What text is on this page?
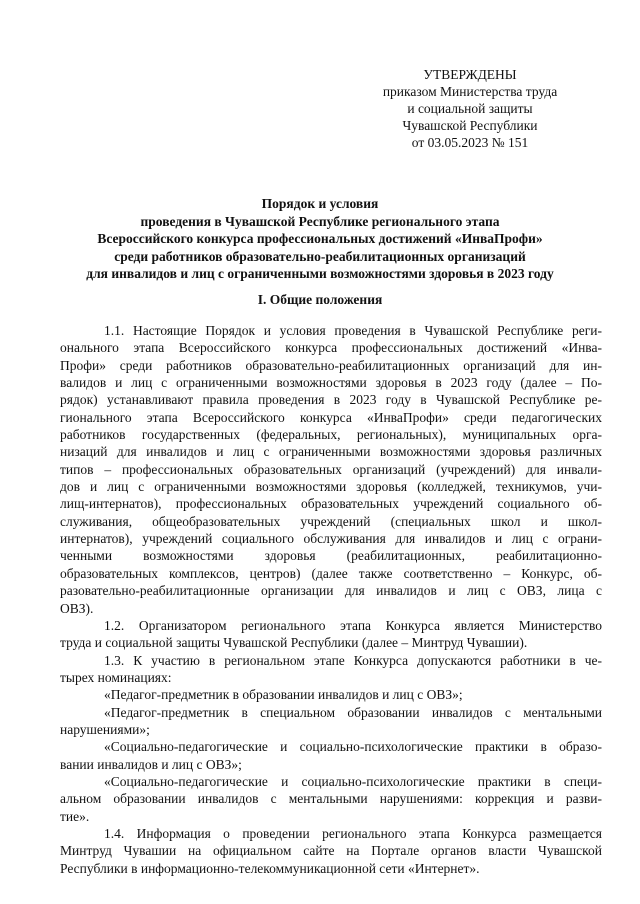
УТВЕРЖДЕНЫ
приказом Министерства труда
и социальной защиты
Чувашской Республики
от 03.05.2023 № 151
Порядок и условия
проведения в Чувашской Республике регионального этапа
Всероссийского конкурса профессиональных достижений «ИнваПрофи»
среди работников образовательно-реабилитационных организаций
для инвалидов и лиц с ограниченными возможностями здоровья в 2023 году
I. Общие положения
1.1. Настоящие Порядок и условия проведения в Чувашской Республике реги-
онального этапа Всероссийского конкурса профессиональных достижений «Инва-
Профи» среди работников образовательно-реабилитационных организаций для ин-
валидов и лиц с ограниченными возможностями здоровья в 2023 году (далее – По-
рядок) устанавливают правила проведения в 2023 году в Чувашской Республике ре-
гионального этапа Всероссийского конкурса «ИнваПрофи» среди педагогических
работников государственных (федеральных, региональных), муниципальных орга-
низаций для инвалидов и лиц с ограниченными возможностями здоровья различных
типов – профессиональных образовательных организаций (учреждений) для инвали-
дов и лиц с ограниченными возможностями здоровья (колледжей, техникумов, учи-
лищ-интернатов), профессиональных образовательных учреждений социального об-
служивания, общеобразовательных учреждений (специальных школ и школ-
интернатов), учреждений социального обслуживания для инвалидов и лиц с ограни-
ченными возможностями здоровья (реабилитационных, реабилитационно-
образовательных комплексов, центров) (далее также соответственно – Конкурс, об-
разовательно-реабилитационные организации для инвалидов и лиц с ОВЗ, лица с
ОВЗ).
1.2. Организатором регионального этапа Конкурса является Министерство
труда и социальной защиты Чувашской Республики (далее – Минтруд Чувашии).
1.3. К участию в региональном этапе Конкурса допускаются работники в че-
тырех номинациях:
«Педагог-предметник в образовании инвалидов и лиц с ОВЗ»;
«Педагог-предметник в специальном образовании инвалидов с ментальными
нарушениями»;
«Социально-педагогические и социально-психологические практики в образо-
вании инвалидов и лиц с ОВЗ»;
«Социально-педагогические и социально-психологические практики в специ-
альном образовании инвалидов с ментальными нарушениями: коррекция и разви-
тие».
1.4. Информация о проведении регионального этапа Конкурса размещается
Минтруд Чувашии на официальном сайте на Портале органов власти Чувашской
Республики в информационно-телекоммуникационной сети «Интернет».
